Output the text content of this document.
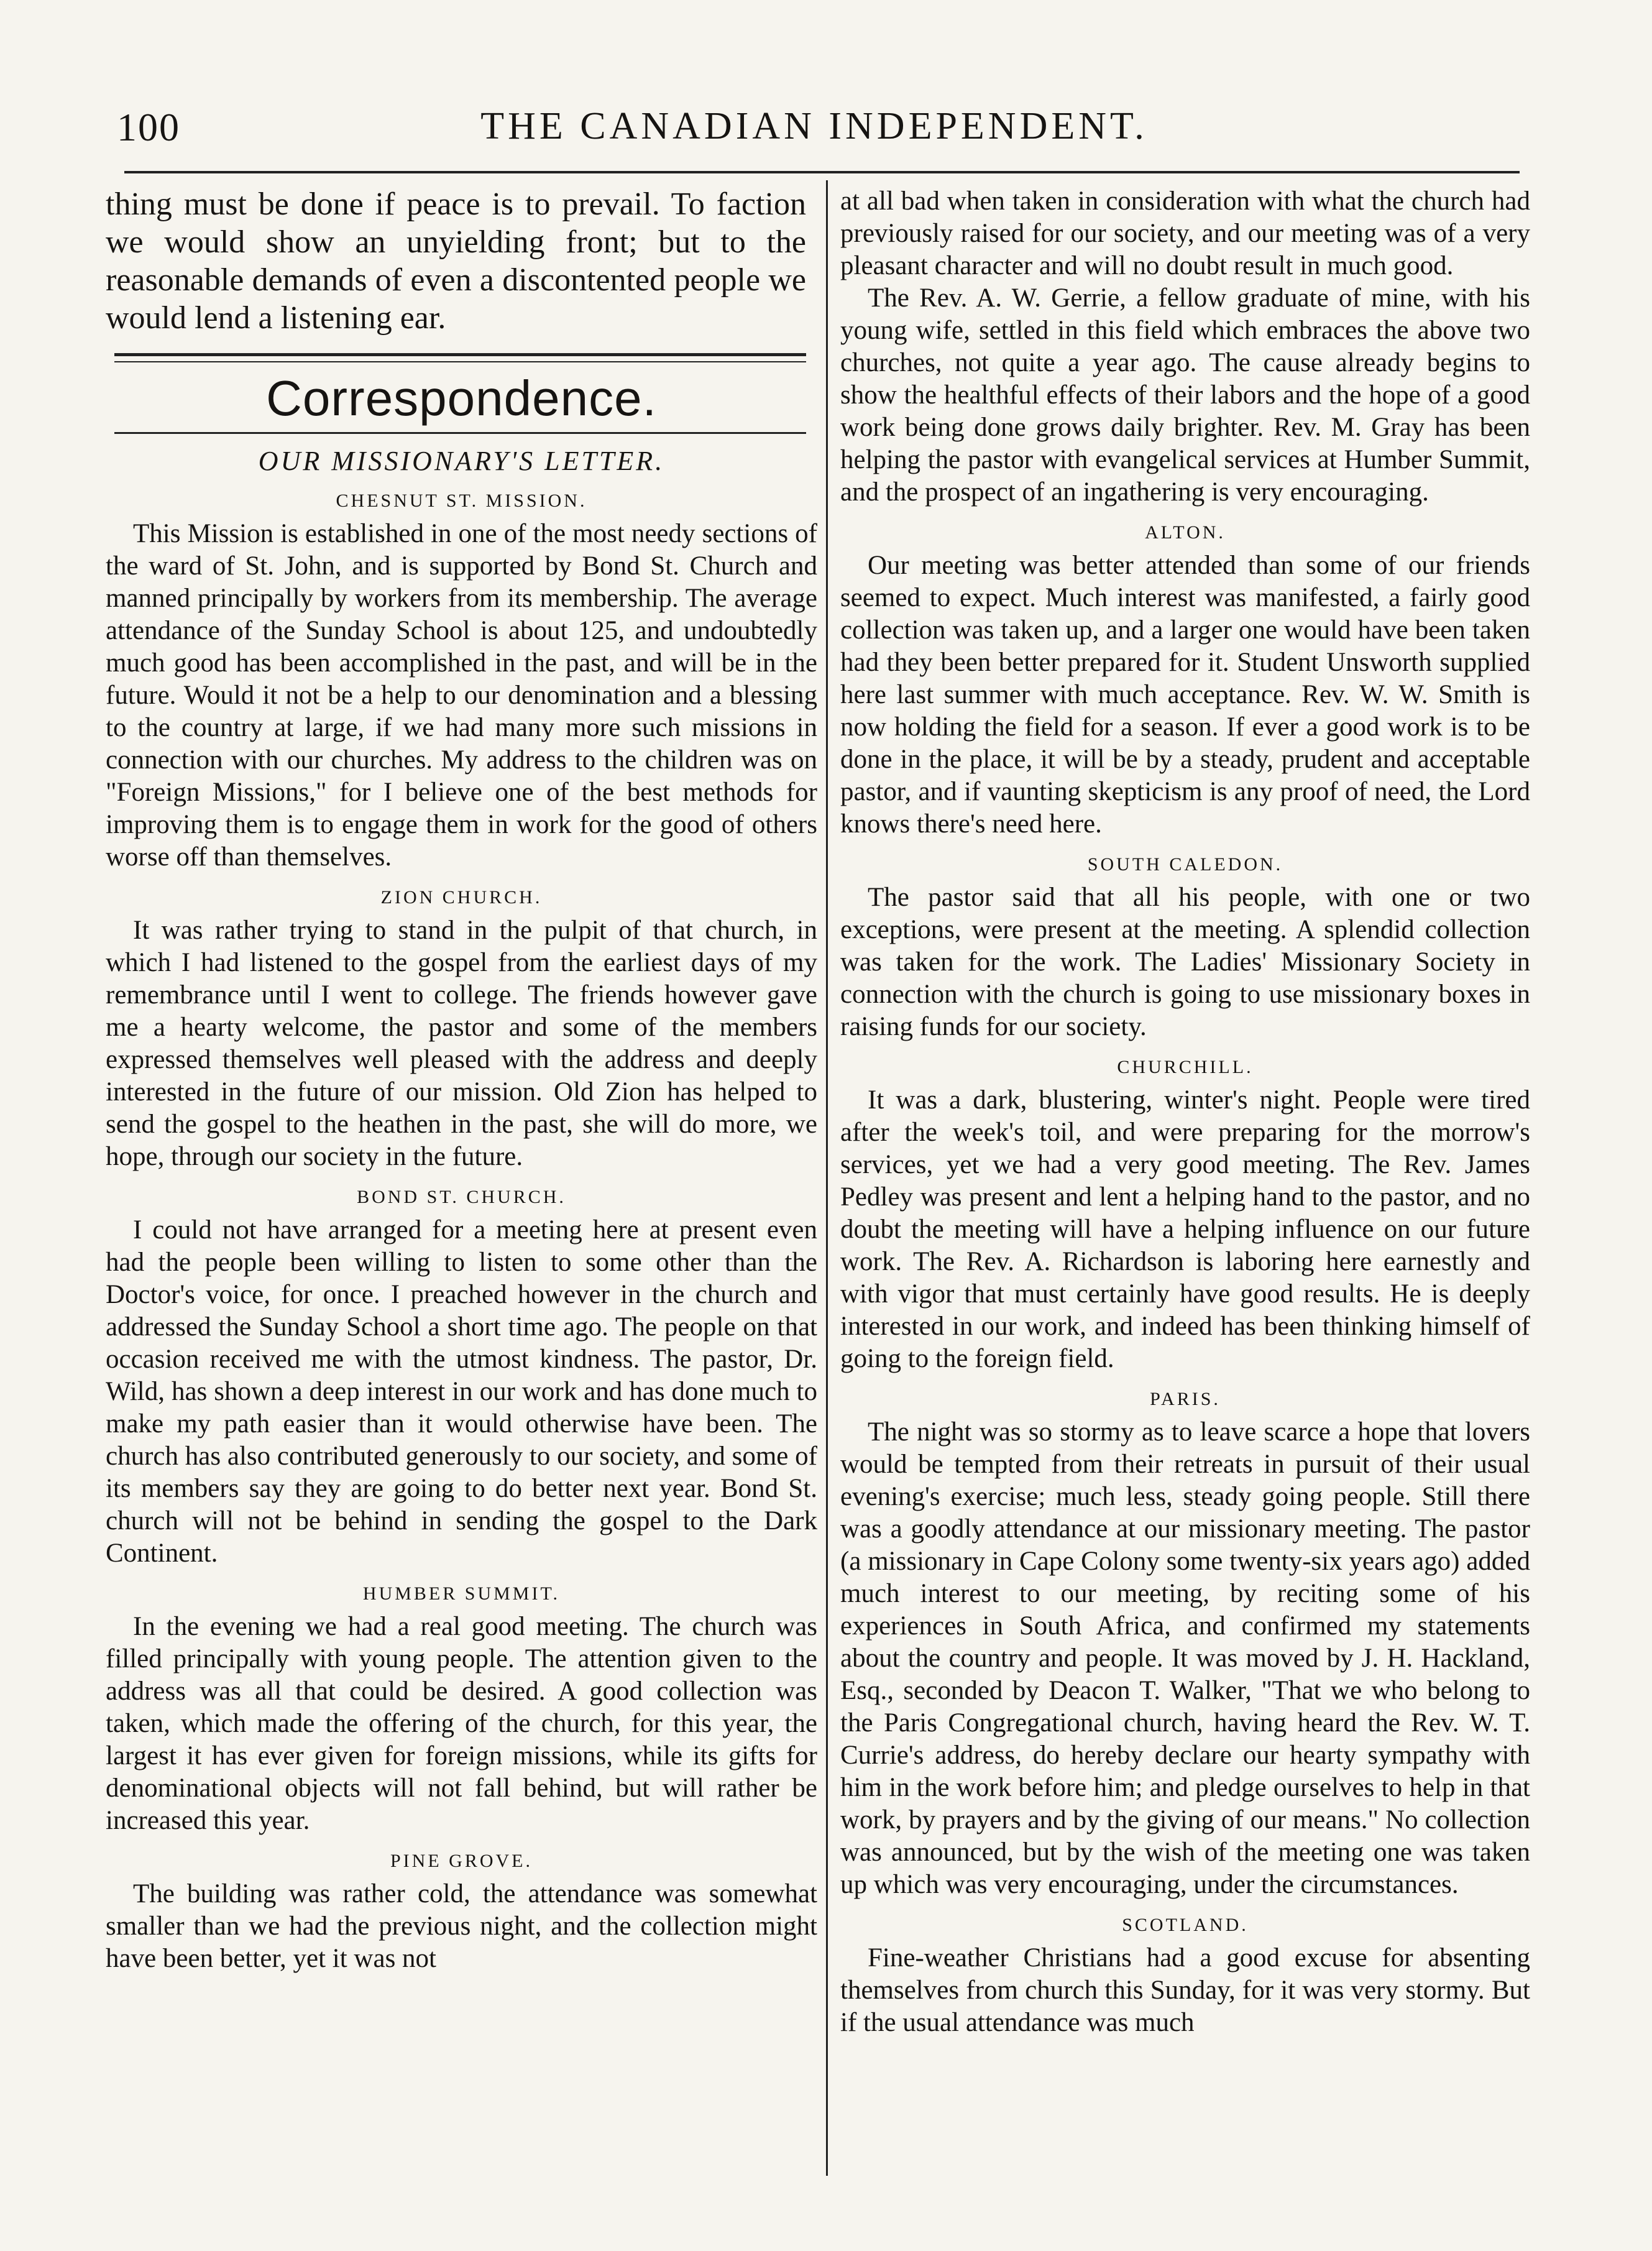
100	THE CANADIAN INDEPENDENT.

thing must be done if peace is to prevail. To faction we would show an unyielding front; but to the reasonable demands of even a discontented people we would lend a listening ear.

Correspondence.
OUR MISSIONARY'S LETTER.
CHESNUT ST. MISSION.

This Mission is established in one of the most needy sections of the ward of St. John, and is supported by Bond St. Church and manned principally by workers from its membership. The average attendance of the Sunday School is about 125, and undoubtedly much good has been accomplished in the past, and will be in the future. Would it not be a help to our denomination and a blessing to the country at large, if we had many more such missions in connection with our churches. My address to the children was on "Foreign Missions," for I believe one of the best methods for improving them is to engage them in work for the good of others worse off than themselves.

ZION CHURCH.

It was rather trying to stand in the pulpit of that church, in which I had listened to the gospel from the earliest days of my remembrance until I went to college. The friends however gave me a hearty welcome, the pastor and some of the members expressed themselves well pleased with the address and deeply interested in the future of our mission. Old Zion has helped to send the gospel to the heathen in the past, she will do more, we hope, through our society in the future.

BOND ST. CHURCH.

I could not have arranged for a meeting here at present even had the people been willing to listen to some other than the Doctor's voice, for once. I preached however in the church and addressed the Sunday School a short time ago. The people on that occasion received me with the utmost kindness. The pastor, Dr. Wild, has shown a deep interest in our work and has done much to make my path easier than it would otherwise have been. The church has also contributed generously to our society, and some of its members say they are going to do better next year. Bond St. church will not be behind in sending the gospel to the Dark Continent.

HUMBER SUMMIT.

In the evening we had a real good meeting. The church was filled principally with young people. The attention given to the address was all that could be desired. A good collection was taken, which made the offering of the church, for this year, the largest it has ever given for foreign missions, while its gifts for denominational objects will not fall behind, but will rather be increased this year.

PINE GROVE.

The building was rather cold, the attendance was somewhat smaller than we had the previous night, and the collection might have been better, yet it was not

at all bad when taken in consideration with what the church had previously raised for our society, and our meeting was of a very pleasant character and will no doubt result in much good.

The Rev. A. W. Gerrie, a fellow graduate of mine, with his young wife, settled in this field which embraces the above two churches, not quite a year ago. The cause already begins to show the healthful effects of their labors and the hope of a good work being done grows daily brighter. Rev. M. Gray has been helping the pastor with evangelical services at Humber Summit, and the prospect of an ingathering is very encouraging.

ALTON.

Our meeting was better attended than some of our friends seemed to expect. Much interest was manifested, a fairly good collection was taken up, and a larger one would have been taken had they been better prepared for it. Student Unsworth supplied here last summer with much acceptance. Rev. W. W. Smith is now holding the field for a season. If ever a good work is to be done in the place, it will be by a steady, prudent and acceptable pastor, and if vaunting skepticism is any proof of need, the Lord knows there's need here.

SOUTH CALEDON.

The pastor said that all his people, with one or two exceptions, were present at the meeting. A splendid collection was taken for the work. The Ladies' Missionary Society in connection with the church is going to use missionary boxes in raising funds for our society.

CHURCHILL.

It was a dark, blustering, winter's night. People were tired after the week's toil, and were preparing for the morrow's services, yet we had a very good meeting. The Rev. James Pedley was present and lent a helping hand to the pastor, and no doubt the meeting will have a helping influence on our future work. The Rev. A. Richardson is laboring here earnestly and with vigor that must certainly have good results. He is deeply interested in our work, and indeed has been thinking himself of going to the foreign field.

PARIS.

The night was so stormy as to leave scarce a hope that lovers would be tempted from their retreats in pursuit of their usual evening's exercise; much less, steady going people. Still there was a goodly attendance at our missionary meeting. The pastor (a missionary in Cape Colony some twenty-six years ago) added much interest to our meeting, by reciting some of his experiences in South Africa, and confirmed my statements about the country and people. It was moved by J. H. Hackland, Esq., seconded by Deacon T. Walker, "That we who belong to the Paris Congregational church, having heard the Rev. W. T. Currie's address, do hereby declare our hearty sympathy with him in the work before him; and pledge ourselves to help in that work, by prayers and by the giving of our means." No collection was announced, but by the wish of the meeting one was taken up which was very encouraging, under the circumstances.

SCOTLAND.

Fine-weather Christians had a good excuse for absenting themselves from church this Sunday, for it was very stormy. But if the usual attendance was much
